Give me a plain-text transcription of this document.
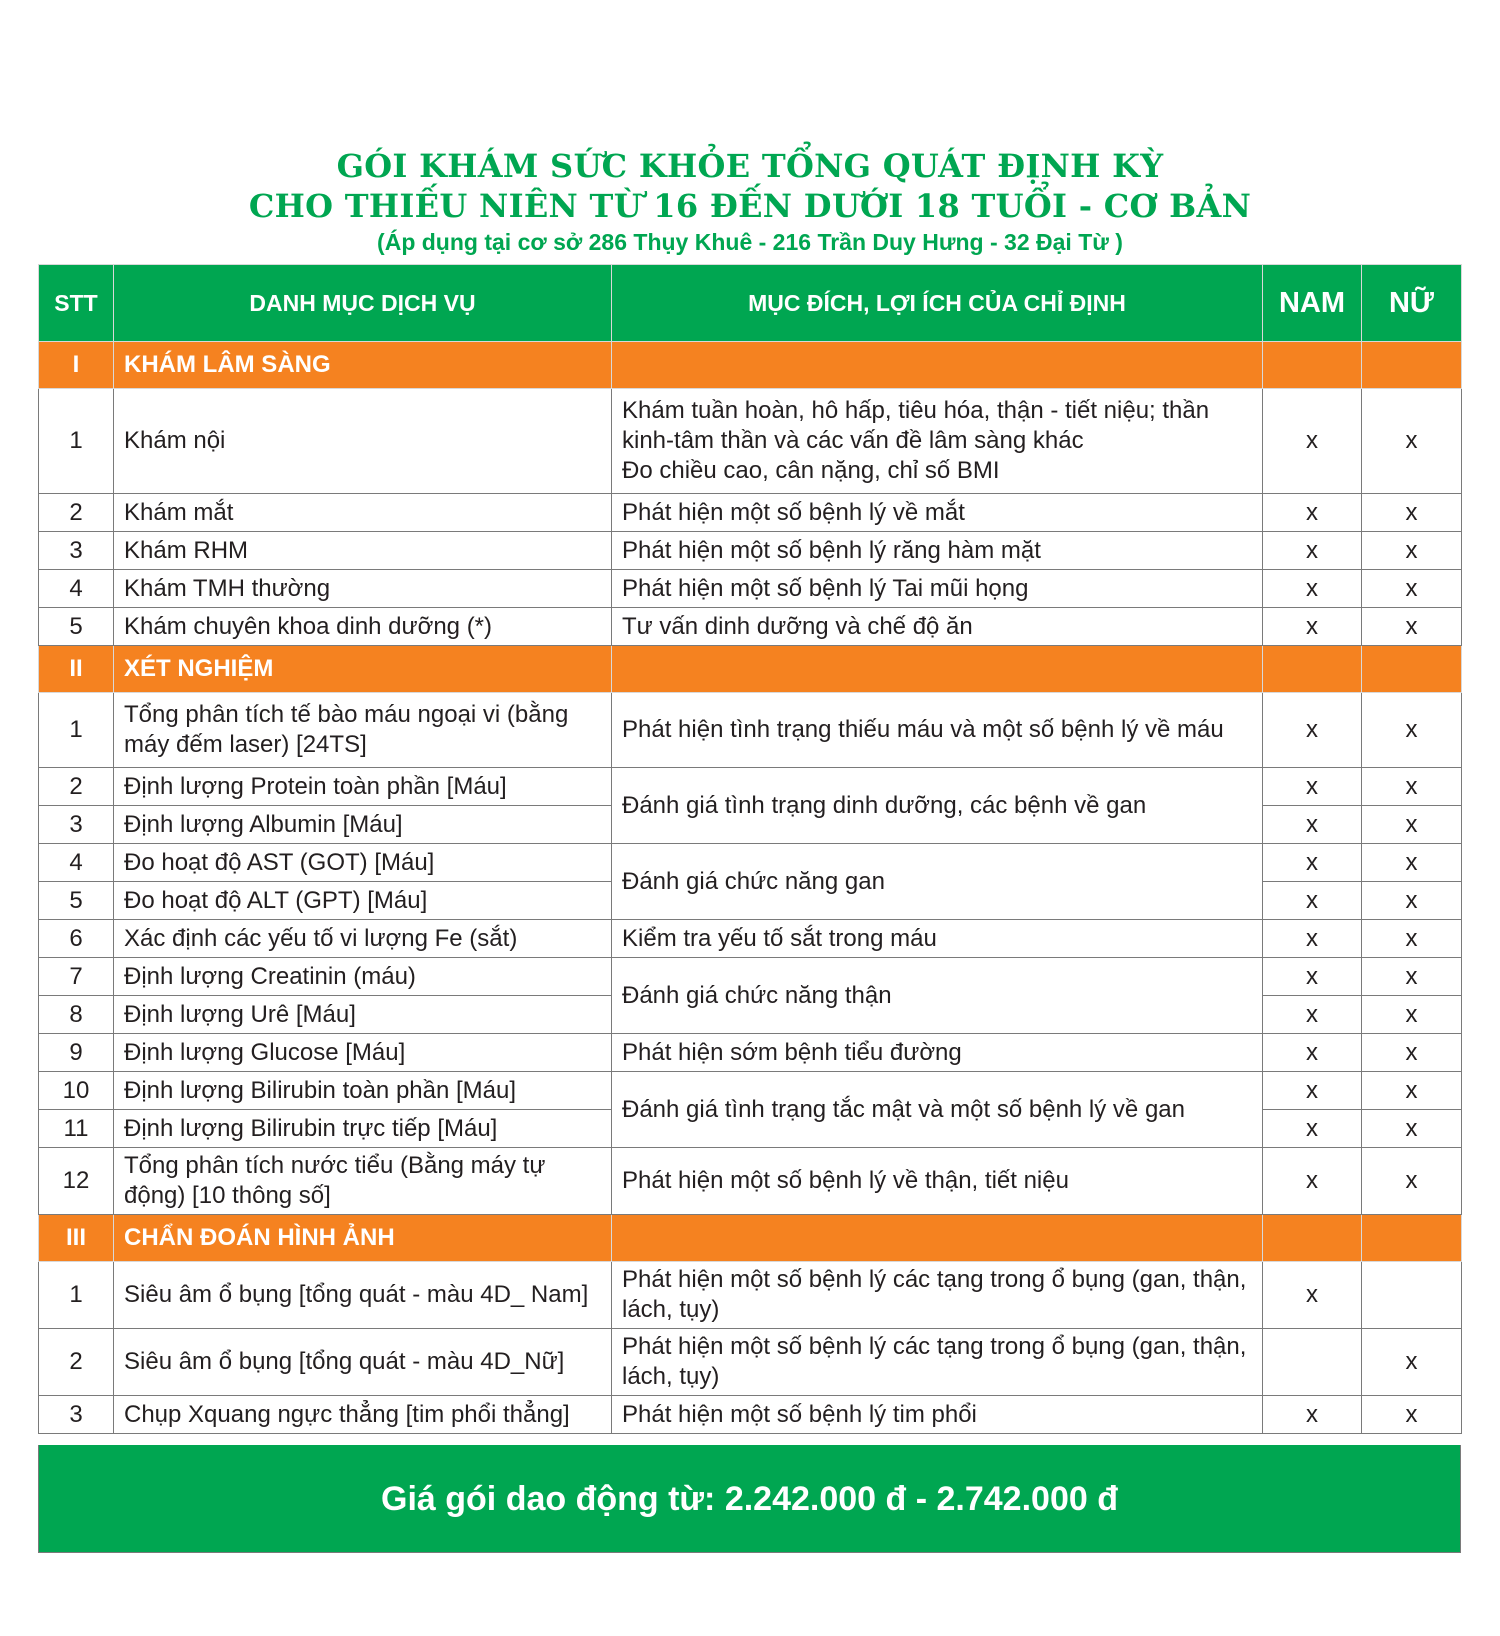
GÓI KHÁM SỨC KHỎE TỔNG QUÁT ĐỊNH KỲ

CHO THIẾU NIÊN TỪ 16 ĐẾN DƯỚI 18 TUỔI - CƠ BẢN

(Áp dụng tại cơ sở 286 Thụy Khuê - 216 Trần Duy Hưng - 32 Đại Từ )

STT	DANH MỤC DỊCH VỤ	MỤC ĐÍCH, LỢI ÍCH CỦA CHỈ ĐỊNH	NAM	NỮ
I	KHÁM LÂM SÀNG			
1	Khám nội	Khám tuần hoàn, hô hấp, tiêu hóa, thận - tiết niệu; thần kinh-tâm thần và các vấn đề lâm sàng khác
Đo chiều cao, cân nặng, chỉ số BMI	x	x
2	Khám mắt	Phát hiện một số bệnh lý về mắt	x	x
3	Khám RHM	Phát hiện một số bệnh lý răng hàm mặt	x	x
4	Khám TMH thường	Phát hiện một số bệnh lý Tai mũi họng	x	x
5	Khám chuyên khoa dinh dưỡng (*)	Tư vấn dinh dưỡng và chế độ ăn	x	x
II	XÉT NGHIỆM			
1	Tổng phân tích tế bào máu ngoại vi (bằng máy đếm laser) [24TS]	Phát hiện tình trạng thiếu máu và một số bệnh lý về máu	x	x
2	Định lượng Protein toàn phần [Máu]	Đánh giá tình trạng dinh dưỡng, các bệnh về gan	x	x
3	Định lượng Albumin [Máu]		x	x
4	Đo hoạt độ AST (GOT) [Máu]	Đánh giá chức năng gan	x	x
5	Đo hoạt độ ALT (GPT) [Máu]		x	x
6	Xác định các yếu tố vi lượng Fe (sắt)	Kiểm tra yếu tố sắt trong máu	x	x
7	Định lượng Creatinin (máu)	Đánh giá chức năng thận	x	x
8	Định lượng Urê [Máu]		x	x
9	Định lượng Glucose [Máu]	Phát hiện sớm bệnh tiểu đường	x	x
10	Định lượng Bilirubin toàn phần [Máu]	Đánh giá tình trạng tắc mật và một số bệnh lý về gan	x	x
11	Định lượng Bilirubin trực tiếp [Máu]		x	x
12	Tổng phân tích nước tiểu (Bằng máy tự động) [10 thông số]	Phát hiện một số bệnh lý về thận, tiết niệu	x	x
III	CHẨN ĐOÁN HÌNH ẢNH			
1	Siêu âm ổ bụng [tổng quát - màu 4D_ Nam]	Phát hiện một số bệnh lý các tạng trong ổ bụng (gan, thận, lách, tụy)	x	
2	Siêu âm ổ bụng [tổng quát - màu 4D_Nữ]	Phát hiện một số bệnh lý các tạng trong ổ bụng (gan, thận, lách, tụy)		x
3	Chụp Xquang ngực thẳng [tim phổi thẳng]	Phát hiện một số bệnh lý tim phổi	x	x
Giá gói dao động từ: 2.242.000 đ - 2.742.000 đ
